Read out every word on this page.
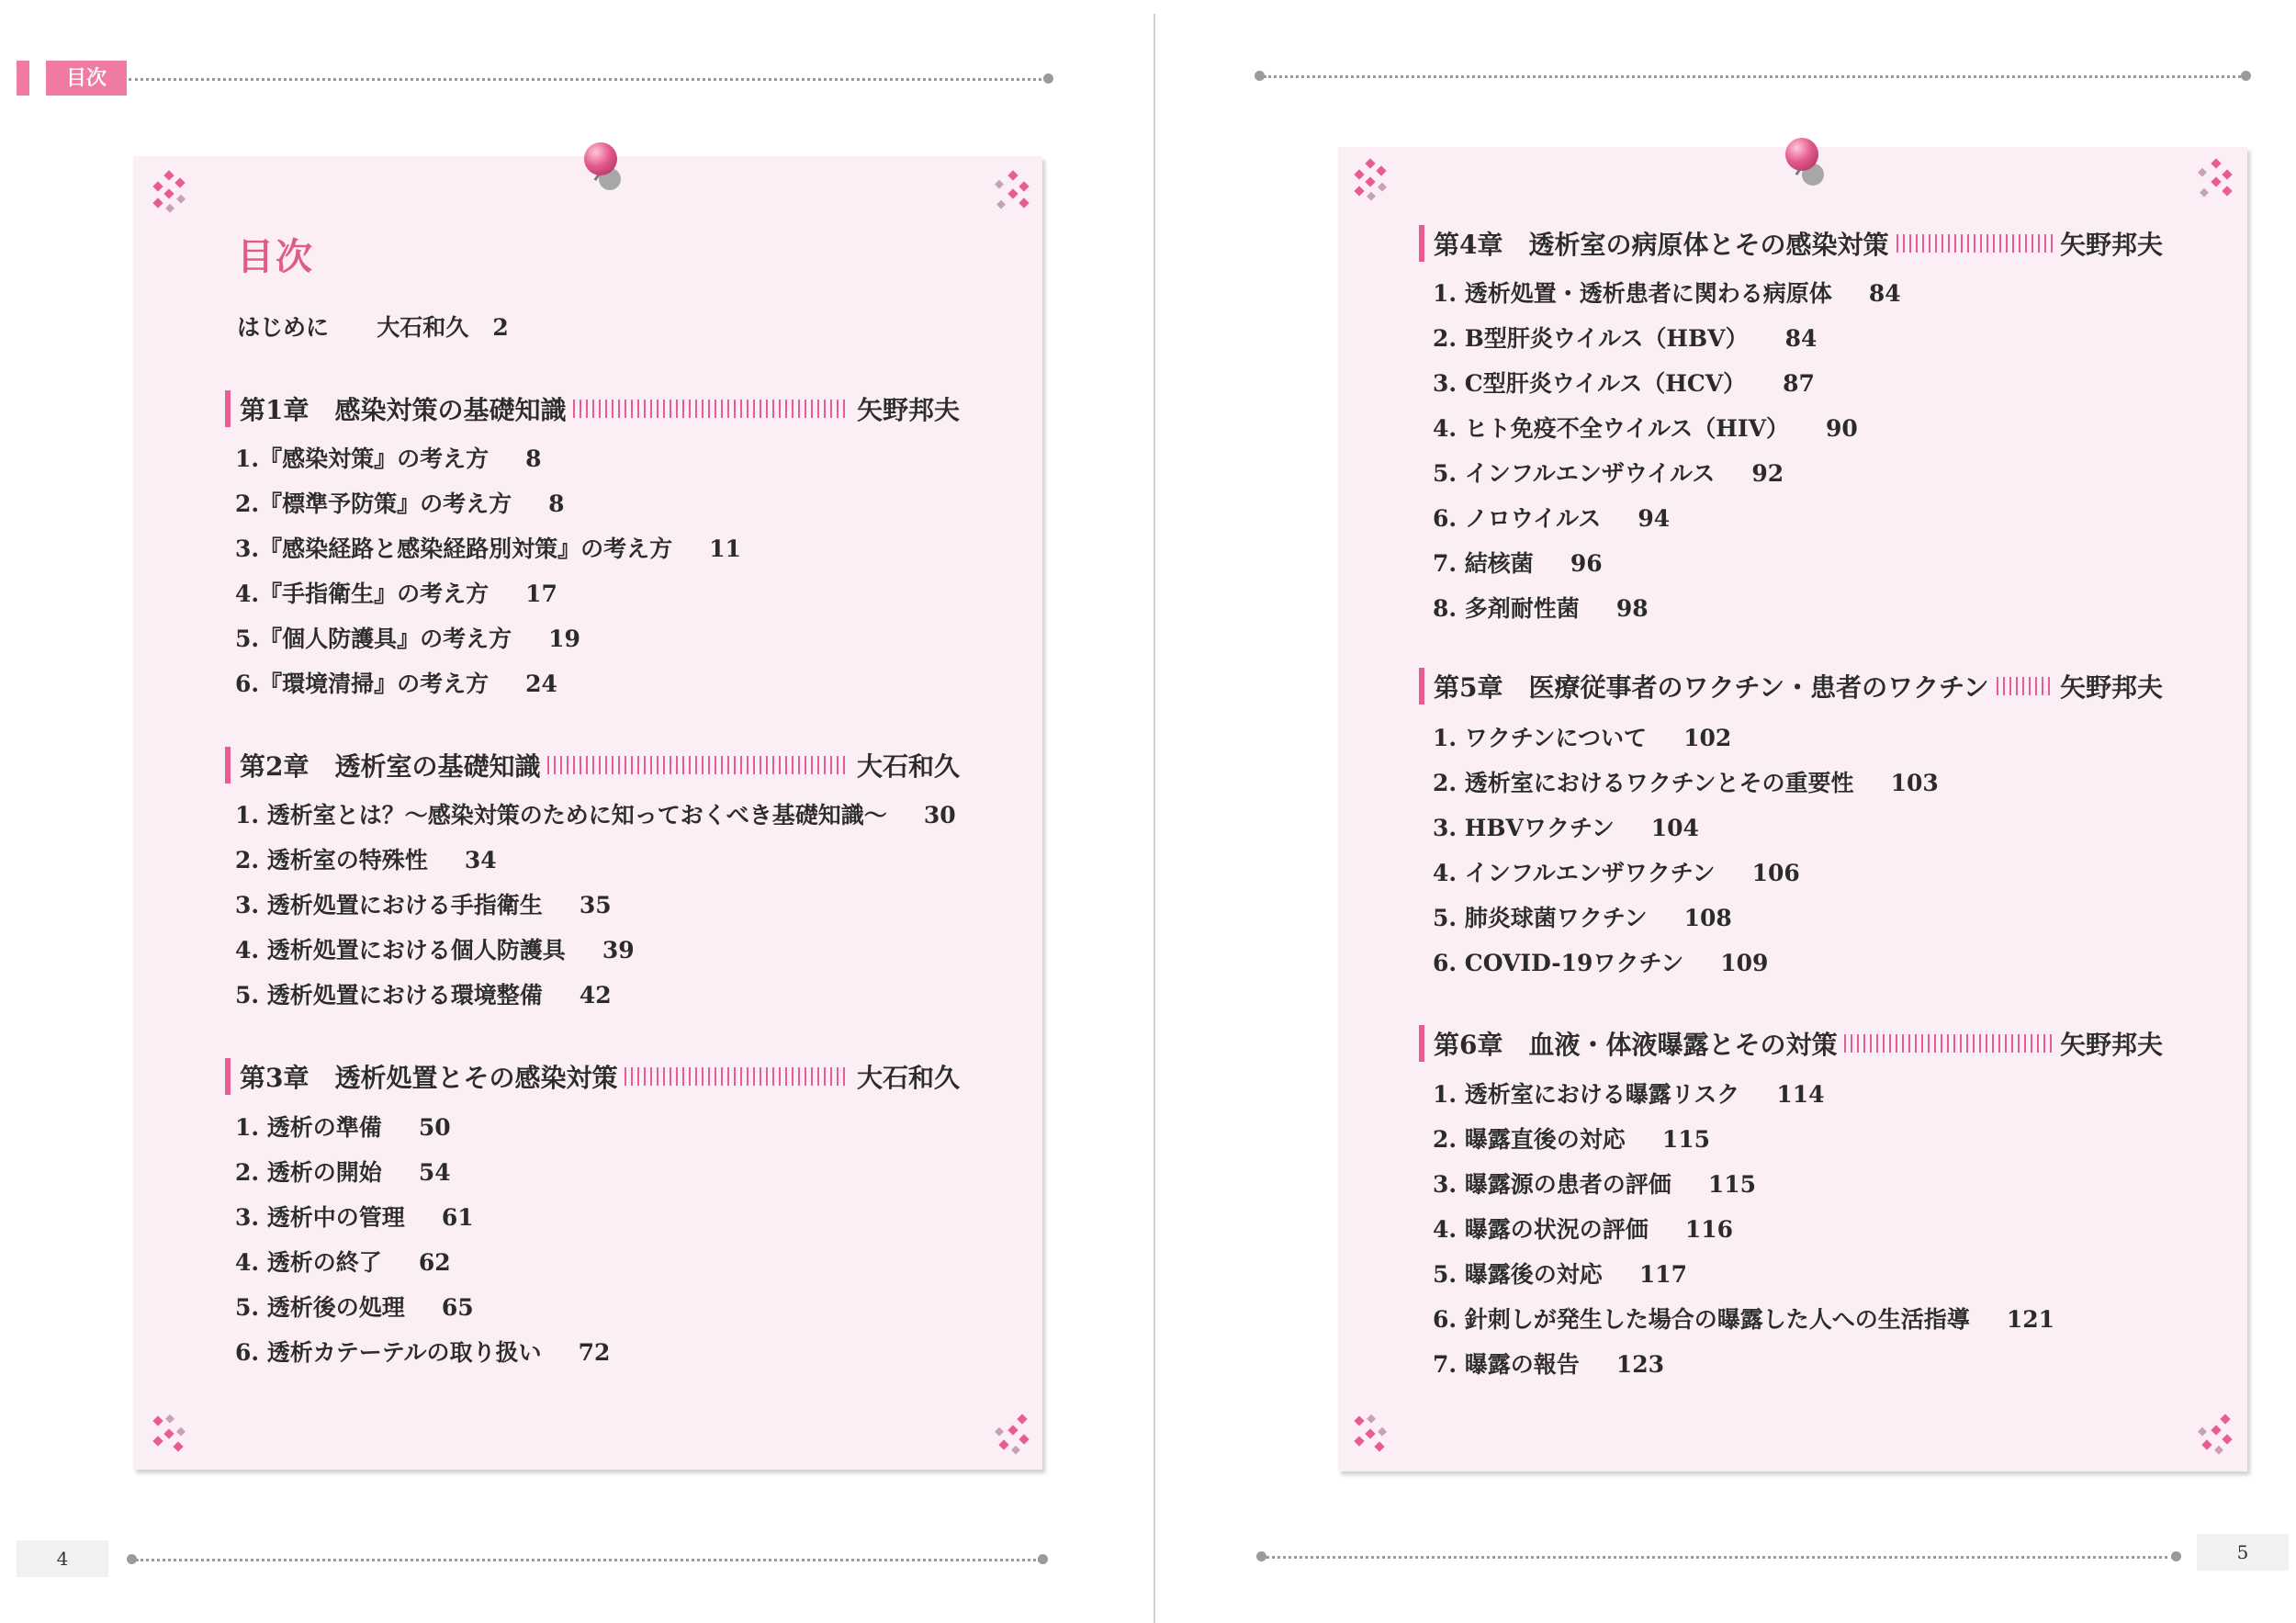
目次
目次
はじめに 大石和久 2
第1章　感染対策の基礎知識	矢野邦夫
1.『感染対策』の考え方 8
2.『標準予防策』の考え方 8
3.『感染経路と感染経路別対策』の考え方 11
4.『手指衛生』の考え方 17
5.『個人防護具』の考え方 19
6.『環境清掃』の考え方 24
第2章　透析室の基礎知識	大石和久
1. 透析室とは？～感染対策のために知っておくべき基礎知識～ 30
2. 透析室の特殊性 34
3. 透析処置における手指衛生 35
4. 透析処置における個人防護具 39
5. 透析処置における環境整備 42
第3章　透析処置とその感染対策	大石和久
1. 透析の準備 50
2. 透析の開始 54
3. 透析中の管理 61
4. 透析の終了 62
5. 透析後の処理 65
6. 透析カテーテルの取り扱い 72
第4章　透析室の病原体とその感染対策	矢野邦夫
1. 透析処置・透析患者に関わる病原体 84
2. B型肝炎ウイルス（HBV） 84
3. C型肝炎ウイルス（HCV） 87
4. ヒト免疫不全ウイルス（HIV） 90
5. インフルエンザウイルス 92
6. ノロウイルス 94
7. 結核菌 96
8. 多剤耐性菌 98
第5章　医療従事者のワクチン・患者のワクチン	矢野邦夫
1. ワクチンについて 102
2. 透析室におけるワクチンとその重要性 103
3. HBVワクチン 104
4. インフルエンザワクチン 106
5. 肺炎球菌ワクチン 108
6. COVID-19ワクチン 109
第6章　血液・体液曝露とその対策	矢野邦夫
1. 透析室における曝露リスク 114
2. 曝露直後の対応 115
3. 曝露源の患者の評価 115
4. 曝露の状況の評価 116
5. 曝露後の対応 117
6. 針刺しが発生した場合の曝露した人への生活指導 121
7. 曝露の報告 123
4	5
